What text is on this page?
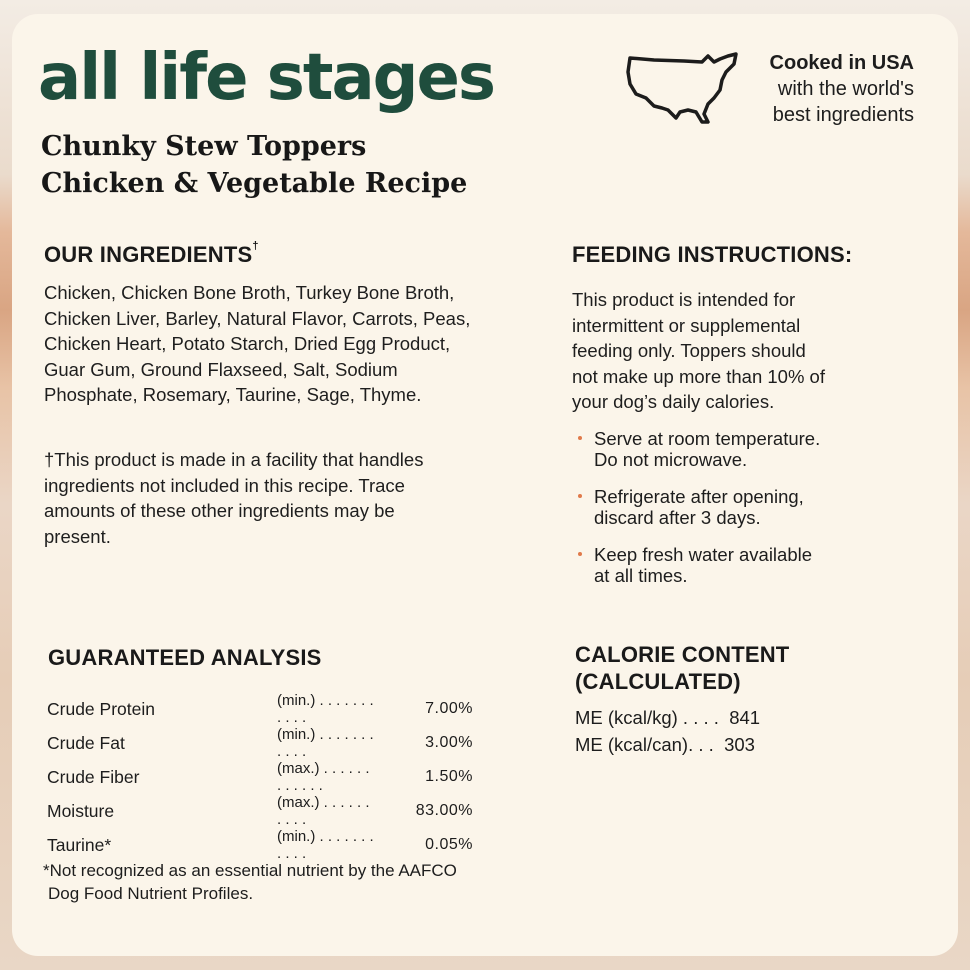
all life stages
Chunky Stew Toppers
Chicken & Vegetable Recipe
Cooked in USA
with the world's
best ingredients
OUR INGREDIENTS†
Chicken, Chicken Bone Broth, Turkey Bone Broth,
Chicken Liver, Barley, Natural Flavor, Carrots, Peas,
Chicken Heart, Potato Starch, Dried Egg Product,
Guar Gum, Ground Flaxseed, Salt, Sodium
Phosphate, Rosemary, Taurine, Sage, Thyme.
†This product is made in a facility that handles
ingredients not included in this recipe. Trace
amounts of these other ingredients may be
present.
FEEDING INSTRUCTIONS:
This product is intended for
intermittent or supplemental
feeding only. Toppers should
not make up more than 10% of
your dog’s daily calories.
Serve at room temperature.
Do not microwave.
Refrigerate after opening,
discard after 3 days.
Keep fresh water available
at all times.
GUARANTEED ANALYSIS
Crude Protein	(min.) . . . . . . . . . . .	7.00%
Crude Fat	(min.) . . . . . . . . . . .	3.00%
Crude Fiber	(max.) . . . . . . . . . . . .	1.50%
Moisture	(max.) . . . . . . . . . .	83.00%
Taurine*	(min.) . . . . . . . . . . .	0.05%
*Not recognized as an essential nutrient by the AAFCO
Dog Food Nutrient Profiles.
CALORIE CONTENT
(CALCULATED)
ME (kcal/kg) . . . . 841
ME (kcal/can). . . 303
